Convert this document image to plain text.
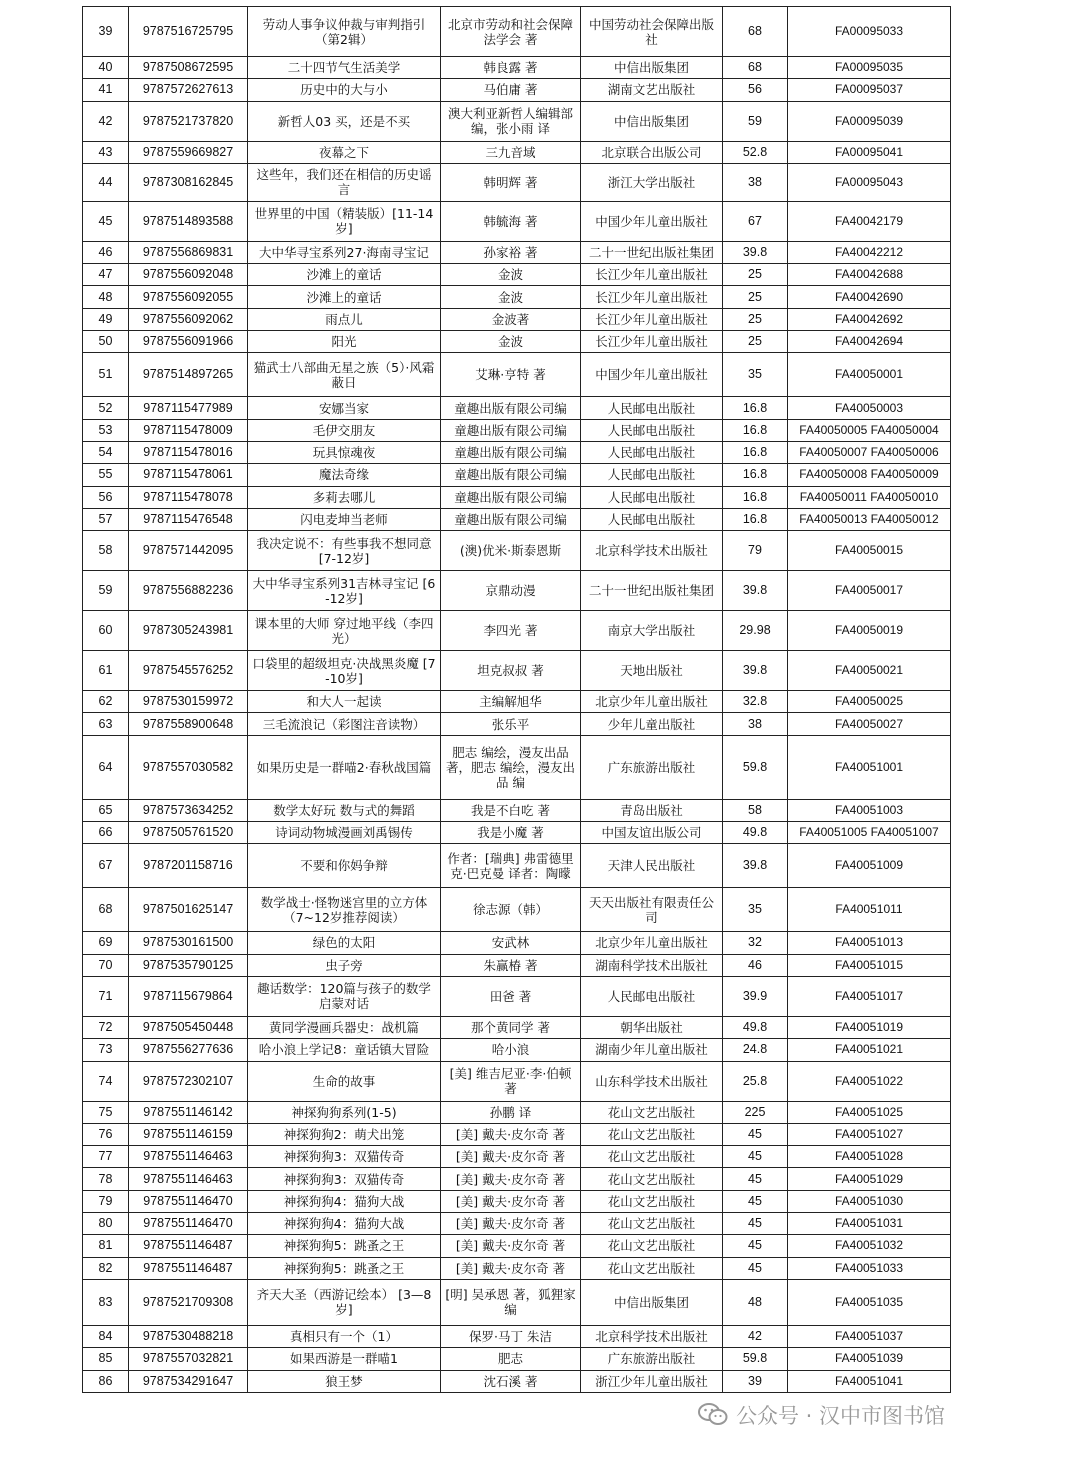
39	9787516725795	劳动人事争议仲裁与审判指引（第2辑）	北京市劳动和社会保障法学会 著	中国劳动社会保障出版社	68	FA00095033
40	9787508672595	二十四节气生活美学	韩良露 著	中信出版集团	68	FA00095035
41	9787572627613	历史中的大与小	马伯庸 著	湖南文艺出版社	56	FA00095037
42	9787521737820	新哲人03 买，还是不买	澳大利亚新哲人编辑部 编，张小雨 译	中信出版集团	59	FA00095039
43	9787559669827	夜幕之下	三九音域	北京联合出版公司	52.8	FA00095041
44	9787308162845	这些年，我们还在相信的历史谣言	韩明辉 著	浙江大学出版社	38	FA00095043
45	9787514893588	世界里的中国（精装版）[11-14岁]	韩毓海 著	中国少年儿童出版社	67	FA40042179
46	9787556869831	大中华寻宝系列27·海南寻宝记	孙家裕 著	二十一世纪出版社集团	39.8	FA40042212
47	9787556092048	沙滩上的童话	金波	长江少年儿童出版社	25	FA40042688
48	9787556092055	沙滩上的童话	金波	长江少年儿童出版社	25	FA40042690
49	9787556092062	雨点儿	金波著	长江少年儿童出版社	25	FA40042692
50	9787556091966	阳光	金波	长江少年儿童出版社	25	FA40042694
51	9787514897265	猫武士八部曲无星之族（5）·风霜蔽日	艾琳·亨特 著	中国少年儿童出版社	35	FA40050001
52	9787115477989	安娜当家	童趣出版有限公司编	人民邮电出版社	16.8	FA40050003
53	9787115478009	毛伊交朋友	童趣出版有限公司编	人民邮电出版社	16.8	FA40050005 FA40050004
54	9787115478016	玩具惊魂夜	童趣出版有限公司编	人民邮电出版社	16.8	FA40050007 FA40050006
55	9787115478061	魔法奇缘	童趣出版有限公司编	人民邮电出版社	16.8	FA40050008 FA40050009
56	9787115478078	多莉去哪儿	童趣出版有限公司编	人民邮电出版社	16.8	FA40050011 FA40050010
57	9787115476548	闪电麦坤当老师	童趣出版有限公司编	人民邮电出版社	16.8	FA40050013 FA40050012
58	9787571442095	我决定说不：有些事我不想同意 [7-12岁]	(澳)优米·斯泰恩斯	北京科学技术出版社	79	FA40050015
59	9787556882236	大中华寻宝系列31吉林寻宝记 [6-12岁]	京鼎动漫	二十一世纪出版社集团	39.8	FA40050017
60	9787305243981	课本里的大师 穿过地平线（李四光）	李四光 著	南京大学出版社	29.98	FA40050019
61	9787545576252	口袋里的超级坦克·决战黑炎魔 [7-10岁]	坦克叔叔 著	天地出版社	39.8	FA40050021
62	9787530159972	和大人一起读	主编解旭华	北京少年儿童出版社	32.8	FA40050025
63	9787558900648	三毛流浪记（彩图注音读物）	张乐平	少年儿童出版社	38	FA40050027
64	9787557030582	如果历史是一群喵2·春秋战国篇	肥志 编绘，漫友出品 著，肥志 编绘，漫友出品 编	广东旅游出版社	59.8	FA40051001
65	9787573634252	数学太好玩 数与式的舞蹈	我是不白吃 著	青岛出版社	58	FA40051003
66	9787505761520	诗词动物城漫画刘禹锡传	我是小魔 著	中国友谊出版公司	49.8	FA40051005 FA40051007
67	9787201158716	不要和你妈争辩	作者：[瑞典] 弗雷德里克·巴克曼 译者：陶曚	天津人民出版社	39.8	FA40051009
68	9787501625147	数学战士·怪物迷宫里的立方体（7~12岁推荐阅读）	徐志源（韩）	天天出版社有限责任公司	35	FA40051011
69	9787530161500	绿色的太阳	安武林	北京少年儿童出版社	32	FA40051013
70	9787535790125	虫子旁	朱赢椿 著	湖南科学技术出版社	46	FA40051015
71	9787115679864	趣话数学：120篇与孩子的数学启蒙对话	田爸 著	人民邮电出版社	39.9	FA40051017
72	9787505450448	黄同学漫画兵器史：战机篇	那个黄同学 著	朝华出版社	49.8	FA40051019
73	9787556277636	哈小浪上学记8：童话镇大冒险	哈小浪	湖南少年儿童出版社	24.8	FA40051021
74	9787572302107	生命的故事	[美] 维吉尼亚·李·伯顿 著	山东科学技术出版社	25.8	FA40051022
75	9787551146142	神探狗狗系列(1-5)	孙鹏 译	花山文艺出版社	225	FA40051025
76	9787551146159	神探狗狗2：萌犬出笼	[美] 戴夫·皮尔奇 著	花山文艺出版社	45	FA40051027
77	9787551146463	神探狗狗3：双猫传奇	[美] 戴夫·皮尔奇 著	花山文艺出版社	45	FA40051028
78	9787551146463	神探狗狗3：双猫传奇	[美] 戴夫·皮尔奇 著	花山文艺出版社	45	FA40051029
79	9787551146470	神探狗狗4：猫狗大战	[美] 戴夫·皮尔奇 著	花山文艺出版社	45	FA40051030
80	9787551146470	神探狗狗4：猫狗大战	[美] 戴夫·皮尔奇 著	花山文艺出版社	45	FA40051031
81	9787551146487	神探狗狗5：跳蚤之王	[美] 戴夫·皮尔奇 著	花山文艺出版社	45	FA40051032
82	9787551146487	神探狗狗5：跳蚤之王	[美] 戴夫·皮尔奇 著	花山文艺出版社	45	FA40051033
83	9787521709308	齐天大圣（西游记绘本） [3—8岁]	[明] 吴承恩 著，狐狸家 编	中信出版集团	48	FA40051035
84	9787530488218	真相只有一个（1）	保罗·马丁 朱洁	北京科学技术出版社	42	FA40051037
85	9787557032821	如果西游是一群喵1	肥志	广东旅游出版社	59.8	FA40051039
86	9787534291647	狼王梦	沈石溪 著	浙江少年儿童出版社	39	FA40051041
公众号 · 汉中市图书馆
